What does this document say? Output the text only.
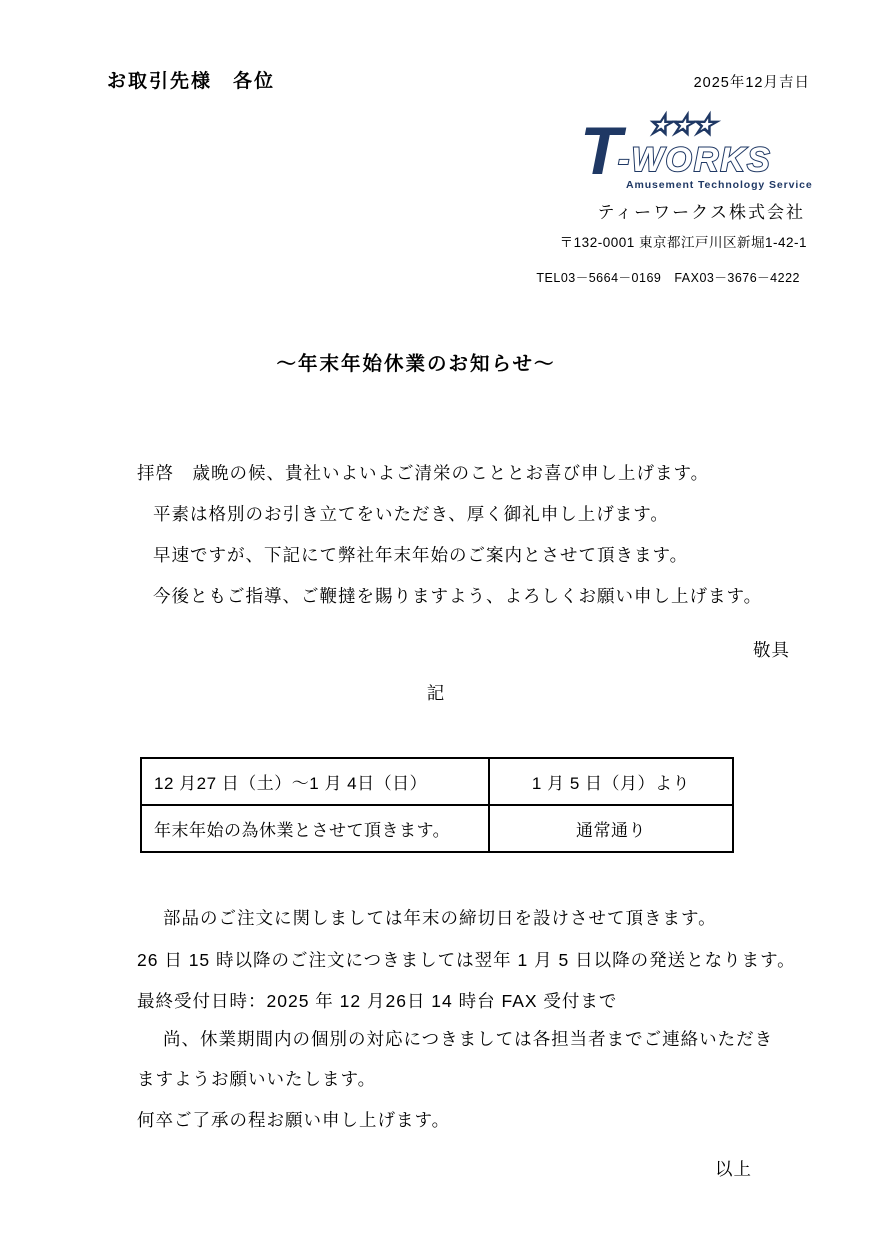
お取引先様　各位	2025年12月吉日
T
-WORKS
Amusement Technology Service
ティーワークス株式会社
〒132-0001 東京都江戸川区新堀1-42-1
TEL03－5664－0169　FAX03－3676－4222
～年末年始休業のお知らせ～
拝啓　歳晩の候、貴社いよいよご清栄のこととお喜び申し上げます。
平素は格別のお引き立てをいただき、厚く御礼申し上げます。
早速ですが、下記にて弊社年末年始のご案内とさせて頂きます。
今後ともご指導、ご鞭撻を賜りますよう、よろしくお願い申し上げます。
敬具
記
12 月27 日（土）～1 月 4日（日）	1 月 5 日（月）より
年末年始の為休業とさせて頂きます。	通常通り
部品のご注文に関しましては年末の締切日を設けさせて頂きます。
26 日 15 時以降のご注文につきましては翌年 1 月 5 日以降の発送となります。
最終受付日時：2025 年 12 月26日 14 時台 FAX 受付まで
尚、休業期間内の個別の対応につきましては各担当者までご連絡いただき
ますようお願いいたします。
何卒ご了承の程お願い申し上げます。
以上
